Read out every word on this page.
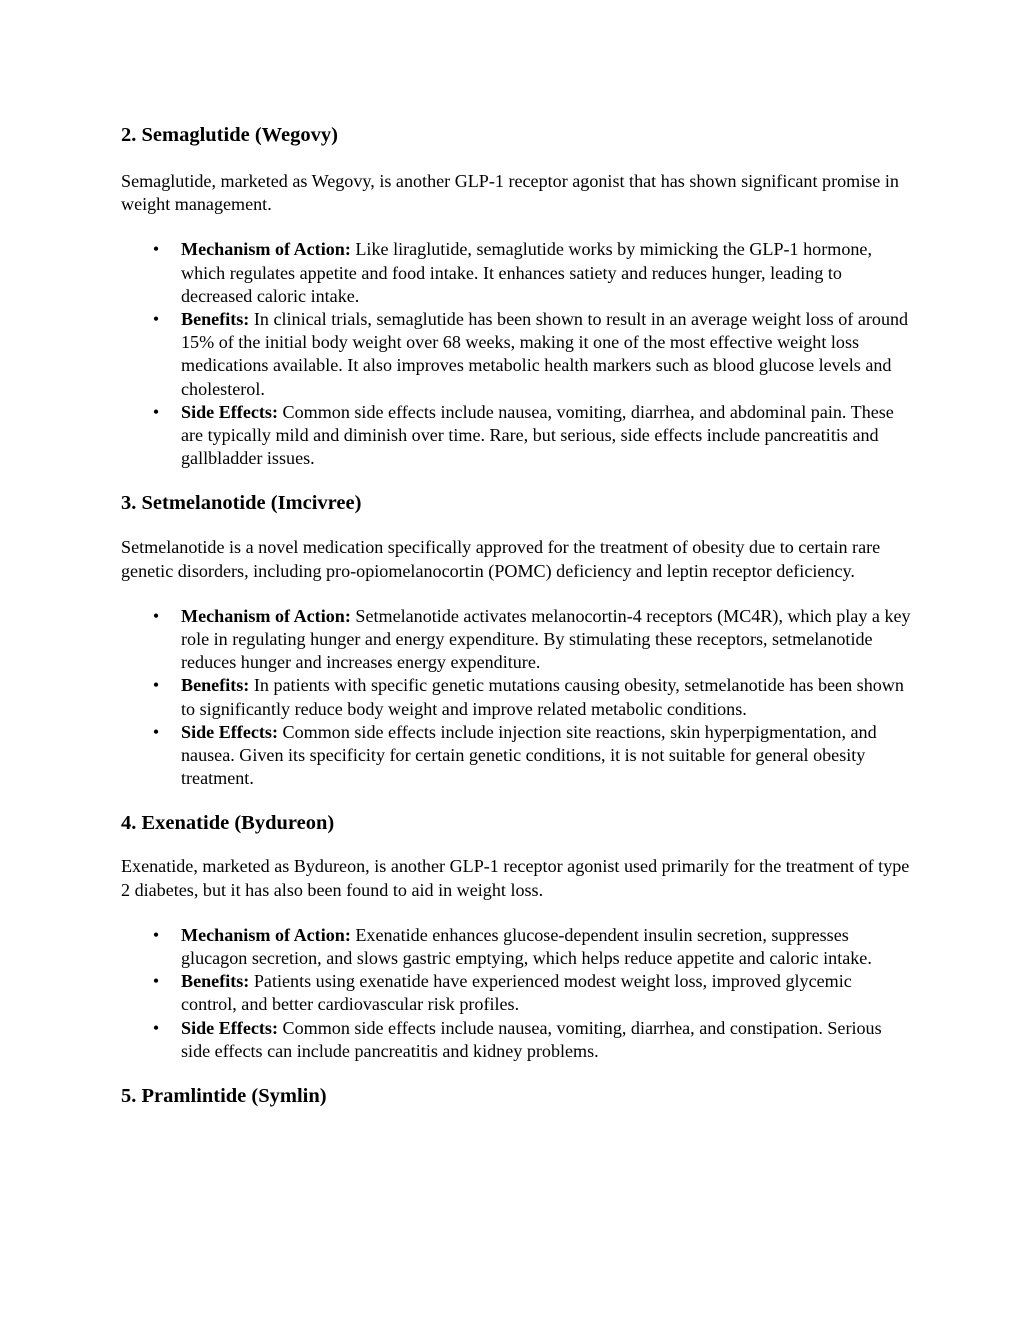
2. Semaglutide (Wegovy)

Semaglutide, marketed as Wegovy, is another GLP-1 receptor agonist that has shown significant promise in weight management.

• Mechanism of Action: Like liraglutide, semaglutide works by mimicking the GLP-1 hormone, which regulates appetite and food intake. It enhances satiety and reduces hunger, leading to decreased caloric intake.
• Benefits: In clinical trials, semaglutide has been shown to result in an average weight loss of around 15% of the initial body weight over 68 weeks, making it one of the most effective weight loss medications available. It also improves metabolic health markers such as blood glucose levels and cholesterol.
• Side Effects: Common side effects include nausea, vomiting, diarrhea, and abdominal pain. These are typically mild and diminish over time. Rare, but serious, side effects include pancreatitis and gallbladder issues.
3. Setmelanotide (Imcivree)

Setmelanotide is a novel medication specifically approved for the treatment of obesity due to certain rare genetic disorders, including pro-opiomelanocortin (POMC) deficiency and leptin receptor deficiency.

• Mechanism of Action: Setmelanotide activates melanocortin-4 receptors (MC4R), which play a key role in regulating hunger and energy expenditure. By stimulating these receptors, setmelanotide reduces hunger and increases energy expenditure.
• Benefits: In patients with specific genetic mutations causing obesity, setmelanotide has been shown to significantly reduce body weight and improve related metabolic conditions.
• Side Effects: Common side effects include injection site reactions, skin hyperpigmentation, and nausea. Given its specificity for certain genetic conditions, it is not suitable for general obesity treatment.
4. Exenatide (Bydureon)

Exenatide, marketed as Bydureon, is another GLP-1 receptor agonist used primarily for the treatment of type 2 diabetes, but it has also been found to aid in weight loss.

• Mechanism of Action: Exenatide enhances glucose-dependent insulin secretion, suppresses glucagon secretion, and slows gastric emptying, which helps reduce appetite and caloric intake.
• Benefits: Patients using exenatide have experienced modest weight loss, improved glycemic control, and better cardiovascular risk profiles.
• Side Effects: Common side effects include nausea, vomiting, diarrhea, and constipation. Serious side effects can include pancreatitis and kidney problems.
5. Pramlintide (Symlin)
